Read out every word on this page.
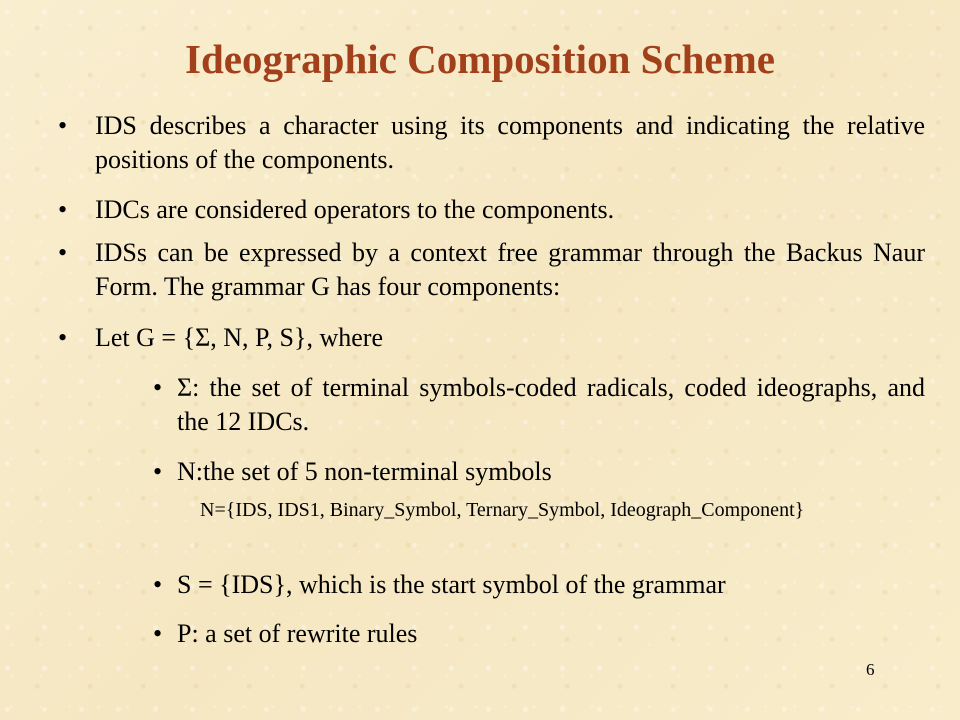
Ideographic Composition Scheme
• IDS describes a character using its components and indicating the relative positions of the components.
• IDCs are considered operators to the components.
• IDSs can be expressed by a context free grammar through the Backus Naur Form. The grammar G has four components:
• Let G = {Σ, N, P, S}, where
• Σ: the set of terminal symbols-coded radicals, coded ideographs, and the 12 IDCs.
• N:the set of 5 non-terminal symbols
N={IDS, IDS1, Binary_Symbol, Ternary_Symbol, Ideograph_Component}
• S = {IDS}, which is the start symbol of the grammar
• P: a set of rewrite rules
6
